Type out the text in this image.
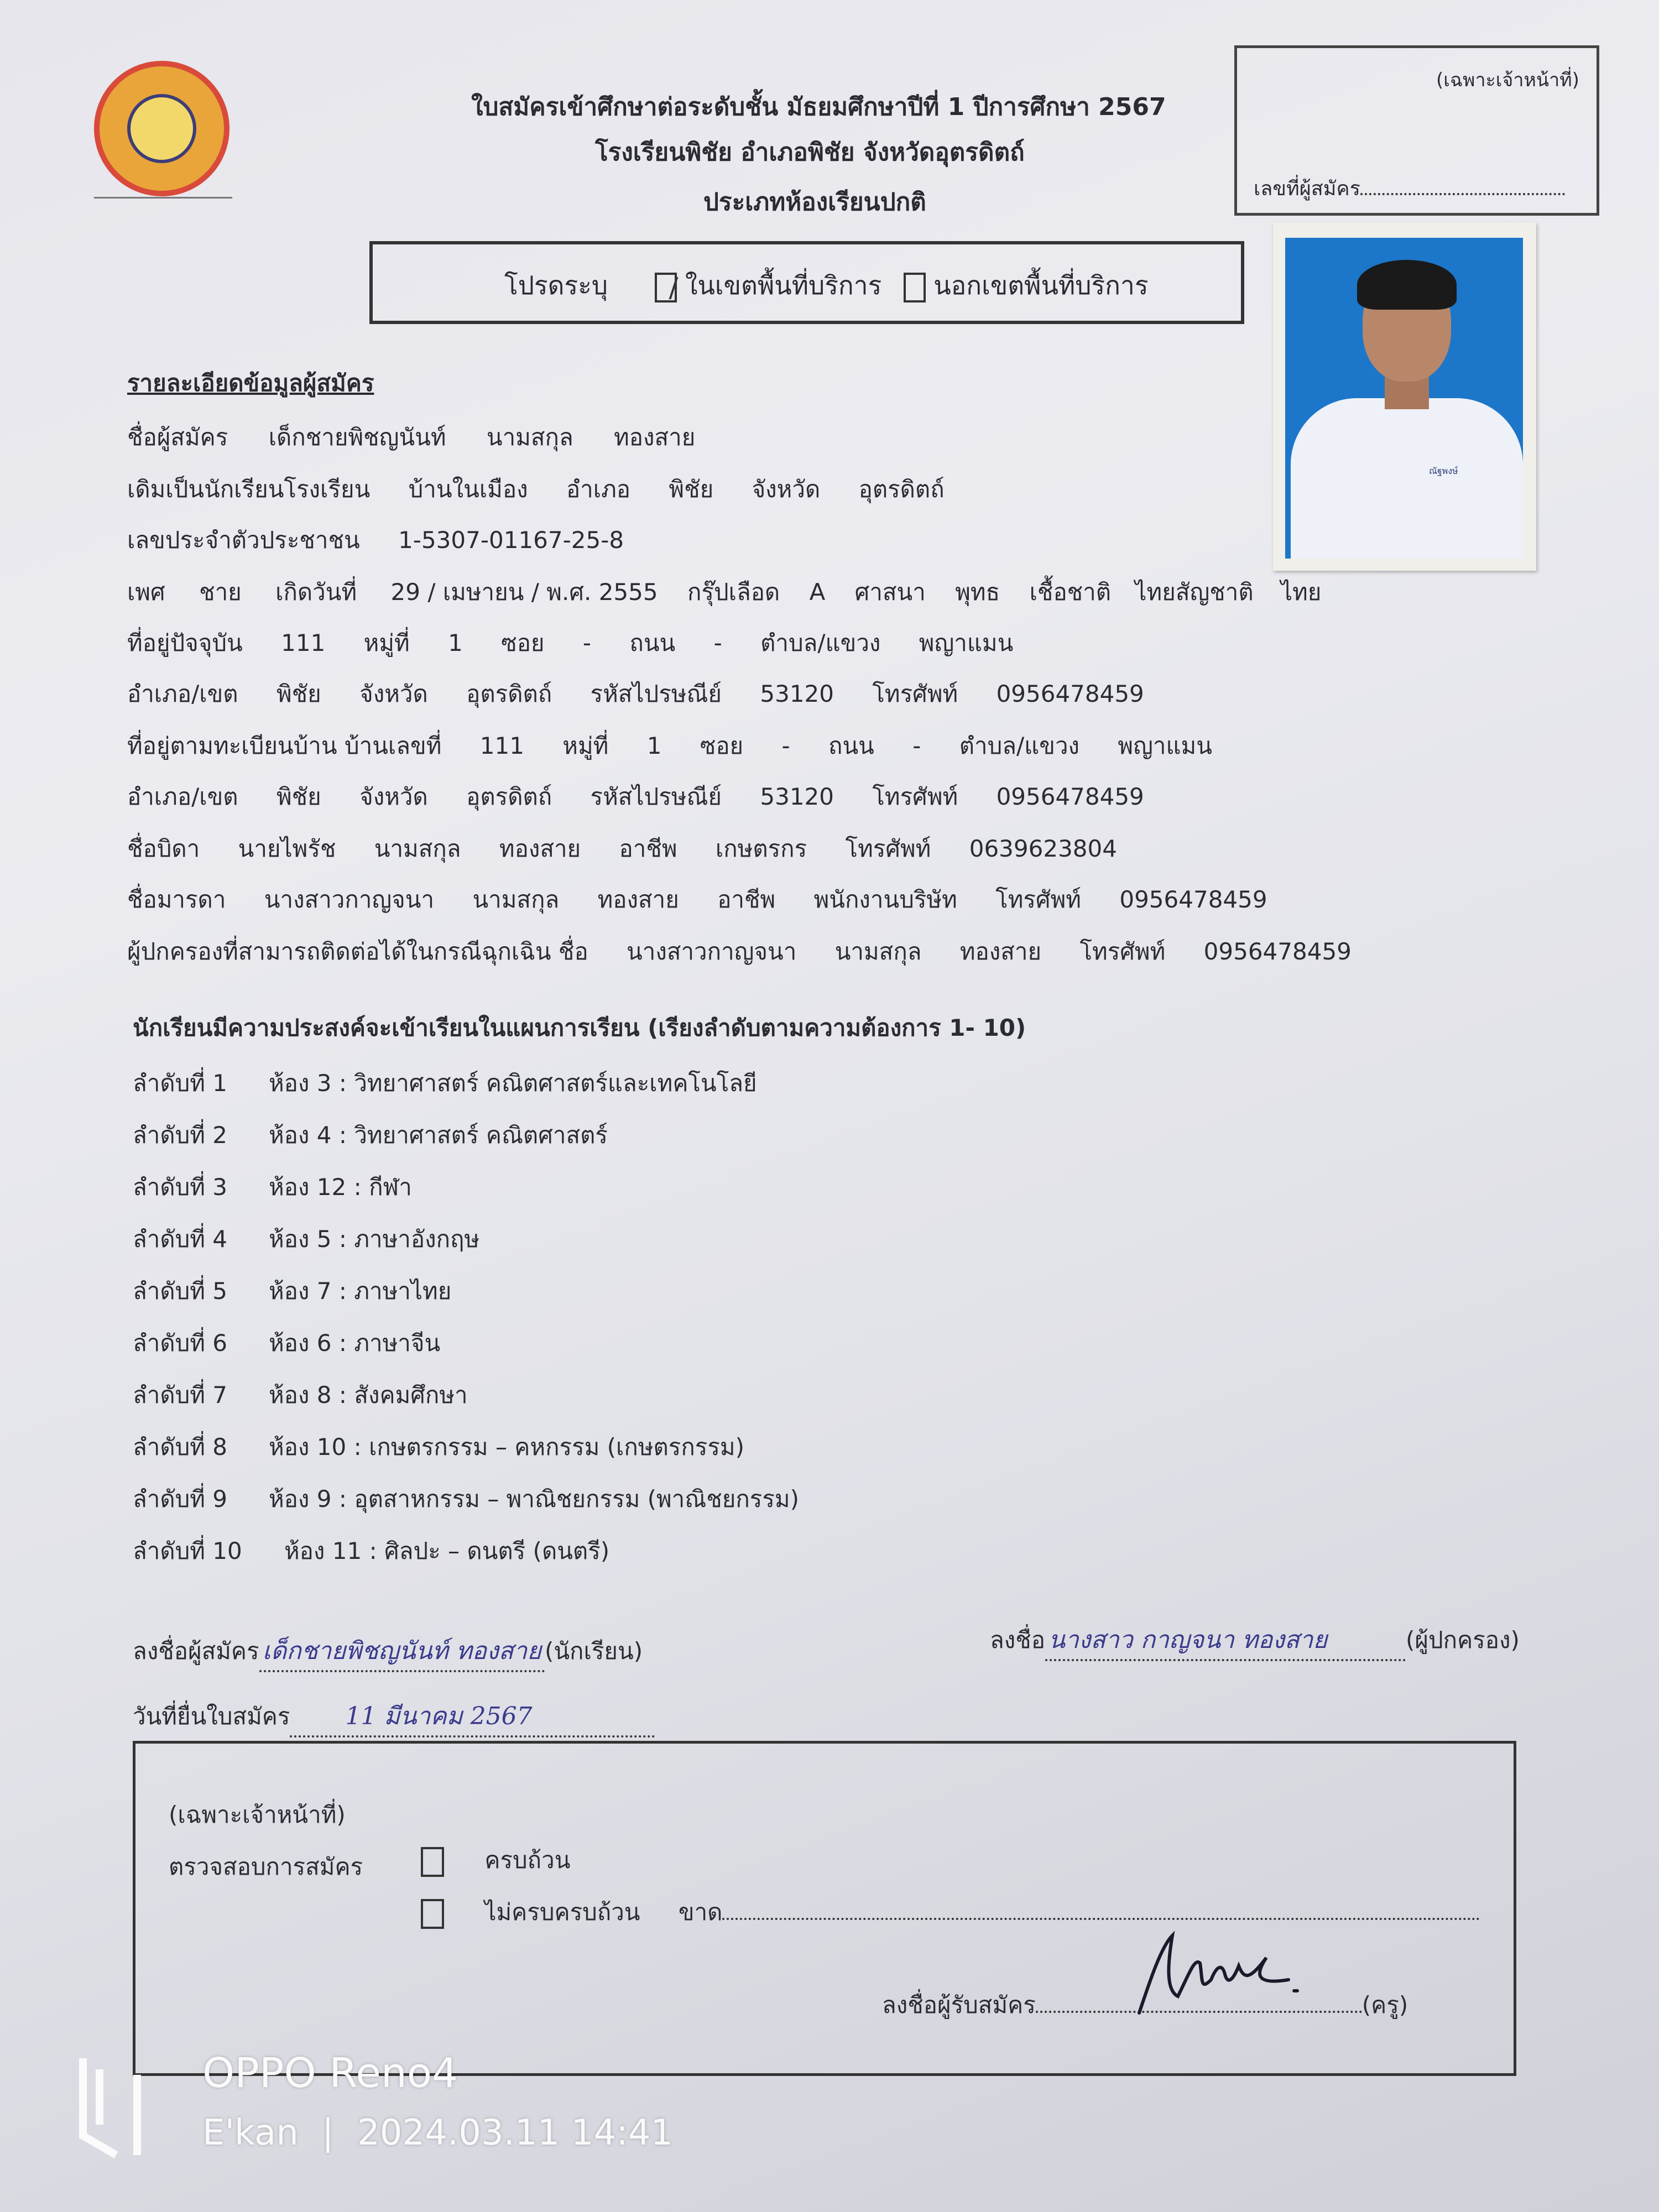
ใบสมัครเข้าศึกษาต่อระดับชั้น มัธยมศึกษาปีที่ 1 ปีการศึกษา 2567
โรงเรียนพิชัย อำเภอพิชัย จังหวัดอุตรดิตถ์
ประเภทห้องเรียนปกติ
(เฉพาะเจ้าหน้าที่)
เลขที่ผู้สมัคร
โปรดระบุ	ในเขตพื้นที่บริการ นอกเขตพื้นที่บริการ
ณัฐพงษ์
รายละเอียดข้อมูลผู้สมัคร
ชื่อผู้สมัคร เด็กชายพิชญนันท์ นามสกุล ทองสาย
เดิมเป็นนักเรียนโรงเรียน บ้านในเมือง อำเภอ พิชัย จังหวัด อุตรดิตถ์
เลขประจำตัวประชาชน 1-5307-01167-25-8
เพศ ชาย เกิดวันที่ 29 / เมษายน / พ.ศ. 2555 กรุ๊ปเลือด A ศาสนา พุทธ เชื้อชาติ ไทยสัญชาติ ไทย
ที่อยู่ปัจจุบัน 111 หมู่ที่ 1 ซอย - ถนน - ตำบล/แขวง พญาแมน
อำเภอ/เขต พิชัย จังหวัด อุตรดิตถ์ รหัสไปรษณีย์ 53120 โทรศัพท์ 0956478459
ที่อยู่ตามทะเบียนบ้าน บ้านเลขที่ 111 หมู่ที่ 1 ซอย - ถนน - ตำบล/แขวง พญาแมน
อำเภอ/เขต พิชัย จังหวัด อุตรดิตถ์ รหัสไปรษณีย์ 53120 โทรศัพท์ 0956478459
ชื่อบิดา นายไพรัช นามสกุล ทองสาย อาชีพ เกษตรกร โทรศัพท์ 0639623804
ชื่อมารดา นางสาวกาญจนา นามสกุล ทองสาย อาชีพ พนักงานบริษัท โทรศัพท์ 0956478459
ผู้ปกครองที่สามารถติดต่อได้ในกรณีฉุกเฉิน ชื่อ นางสาวกาญจนา นามสกุล ทองสาย โทรศัพท์ 0956478459
นักเรียนมีความประสงค์จะเข้าเรียนในแผนการเรียน (เรียงลำดับตามความต้องการ 1- 10)
ลำดับที่ 1 ห้อง 3 : วิทยาศาสตร์ คณิตศาสตร์และเทคโนโลยี
ลำดับที่ 2 ห้อง 4 : วิทยาศาสตร์ คณิตศาสตร์
ลำดับที่ 3 ห้อง 12 : กีฬา
ลำดับที่ 4 ห้อง 5 : ภาษาอังกฤษ
ลำดับที่ 5 ห้อง 7 : ภาษาไทย
ลำดับที่ 6 ห้อง 6 : ภาษาจีน
ลำดับที่ 7 ห้อง 8 : สังคมศึกษา
ลำดับที่ 8 ห้อง 10 : เกษตรกรรม – คหกรรม (เกษตรกรรม)
ลำดับที่ 9 ห้อง 9 : อุตสาหกรรม – พาณิชยกรรม (พาณิชยกรรม)
ลำดับที่ 10 ห้อง 11 : ศิลปะ – ดนตรี (ดนตรี)
ลงชื่อผู้สมัคร เด็กชายพิชญนันท์ ทองสาย (นักเรียน)	ลงชื่อ นางสาว กาญจนา ทองสาย	(ผู้ปกครอง)
วันที่ยื่นใบสมัคร 11 มีนาคม 2567
(เฉพาะเจ้าหน้าที่)
ตรวจสอบการสมัคร	ครบถ้วน
ไม่ครบครบถ้วน ขาด
ลงชื่อผู้รับสมัคร	(ครู)
OPPO Reno4
E'kan | 2024.03.11 14:41
